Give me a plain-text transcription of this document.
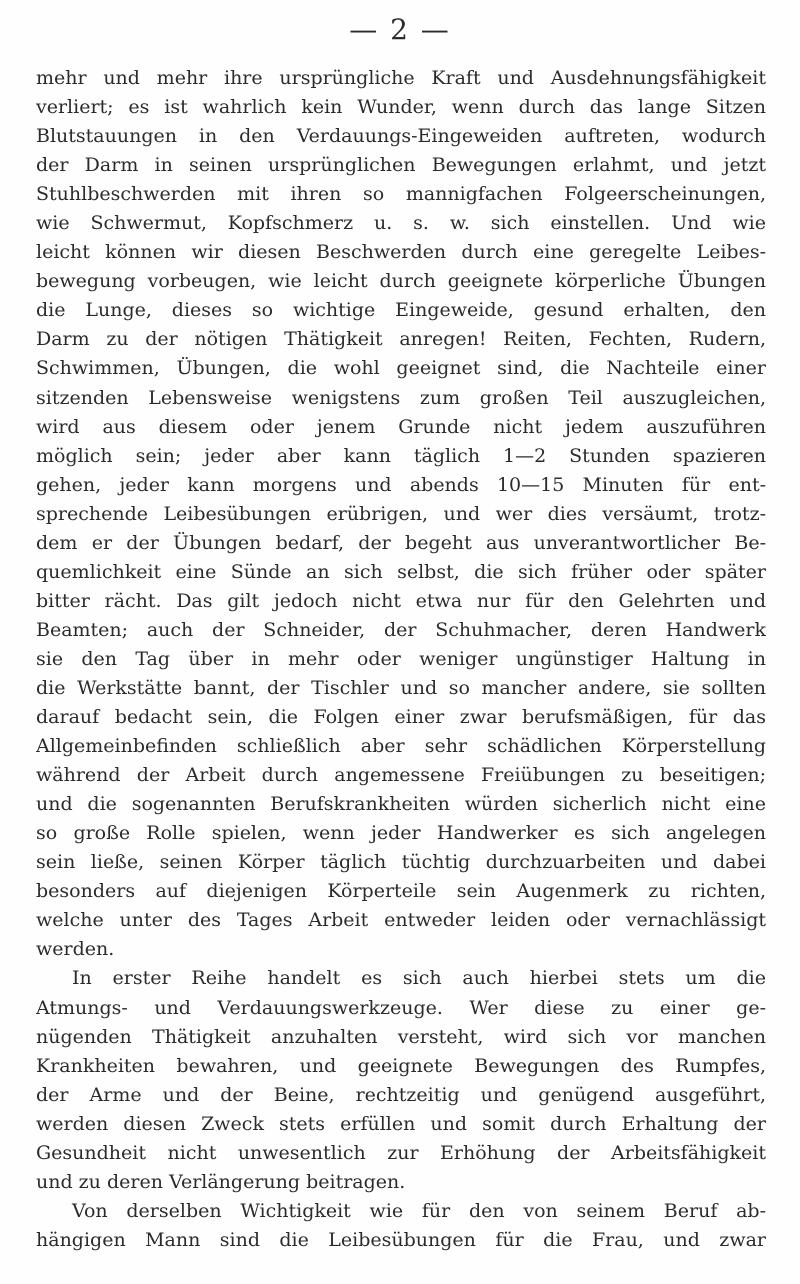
— 2 —
mehr und mehr ihre ursprüngliche Kraft und Ausdehnungsfähigkeit
verliert; es ist wahrlich kein Wunder, wenn durch das lange Sitzen
Blutstauungen in den Verdauungs-Eingeweiden auftreten, wodurch
der Darm in seinen ursprünglichen Bewegungen erlahmt, und jetzt
Stuhlbeschwerden mit ihren so mannigfachen Folgeerscheinungen,
wie Schwermut, Kopfschmerz u. s. w. sich einstellen. Und wie
leicht können wir diesen Beschwerden durch eine geregelte Leibes-
bewegung vorbeugen, wie leicht durch geeignete körperliche Übungen
die Lunge, dieses so wichtige Eingeweide, gesund erhalten, den
Darm zu der nötigen Thätigkeit anregen! Reiten, Fechten, Rudern,
Schwimmen, Übungen, die wohl geeignet sind, die Nachteile einer
sitzenden Lebensweise wenigstens zum großen Teil auszugleichen,
wird aus diesem oder jenem Grunde nicht jedem auszuführen
möglich sein; jeder aber kann täglich 1—2 Stunden spazieren
gehen, jeder kann morgens und abends 10—15 Minuten für ent-
sprechende Leibesübungen erübrigen, und wer dies versäumt, trotz-
dem er der Übungen bedarf, der begeht aus unverantwortlicher Be-
quemlichkeit eine Sünde an sich selbst, die sich früher oder später
bitter rächt. Das gilt jedoch nicht etwa nur für den Gelehrten und
Beamten; auch der Schneider, der Schuhmacher, deren Handwerk
sie den Tag über in mehr oder weniger ungünstiger Haltung in
die Werkstätte bannt, der Tischler und so mancher andere, sie sollten
darauf bedacht sein, die Folgen einer zwar berufsmäßigen, für das
Allgemeinbefinden schließlich aber sehr schädlichen Körperstellung
während der Arbeit durch angemessene Freiübungen zu beseitigen;
und die sogenannten Berufskrankheiten würden sicherlich nicht eine
so große Rolle spielen, wenn jeder Handwerker es sich angelegen
sein ließe, seinen Körper täglich tüchtig durchzuarbeiten und dabei
besonders auf diejenigen Körperteile sein Augenmerk zu richten,
welche unter des Tages Arbeit entweder leiden oder vernachlässigt
werden.
In erster Reihe handelt es sich auch hierbei stets um die
Atmungs- und Verdauungswerkzeuge. Wer diese zu einer ge-
nügenden Thätigkeit anzuhalten versteht, wird sich vor manchen
Krankheiten bewahren, und geeignete Bewegungen des Rumpfes,
der Arme und der Beine, rechtzeitig und genügend ausgeführt,
werden diesen Zweck stets erfüllen und somit durch Erhaltung der
Gesundheit nicht unwesentlich zur Erhöhung der Arbeitsfähigkeit
und zu deren Verlängerung beitragen.
Von derselben Wichtigkeit wie für den von seinem Beruf ab-
hängigen Mann sind die Leibesübungen für die Frau, und zwar
